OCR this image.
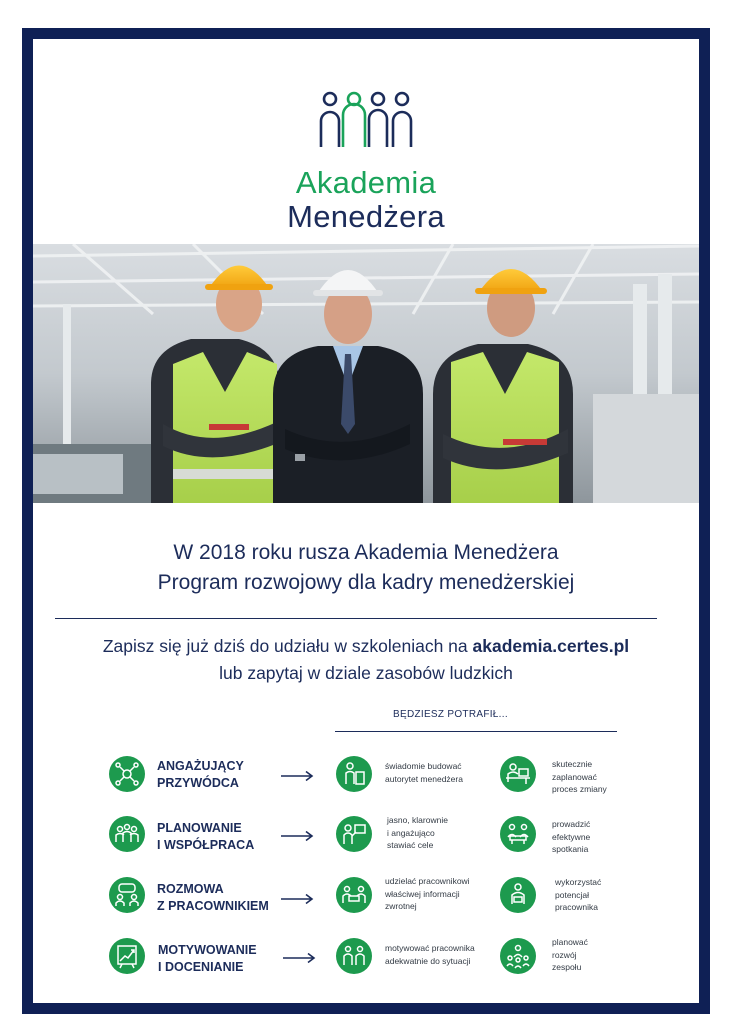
Akademia
Menedżera
W 2018 roku rusza Akademia Menedżera
Program rozwojowy dla kadry menedżerskiej
Zapisz się już dziś do udziału w szkoleniach na akademia.certes.pl
lub zapytaj w dziale zasobów ludzkich
BĘDZIESZ POTRAFIŁ...
ANGAŻUJĄCY
PRZYWÓDCA
świadomie budować
autorytet menedżera
skutecznie
zaplanować
proces zmiany
PLANOWANIE
I WSPÓŁPRACA
jasno, klarownie
i angażująco
stawiać cele
prowadzić
efektywne
spotkania
ROZMOWA
Z PRACOWNIKIEM
udzielać pracownikowi
właściwej informacji
zwrotnej
wykorzystać
potencjał
pracownika
MOTYWOWANIE
I DOCENIANIE
motywować pracownika
adekwatnie do sytuacji
planować
rozwój
zespołu
